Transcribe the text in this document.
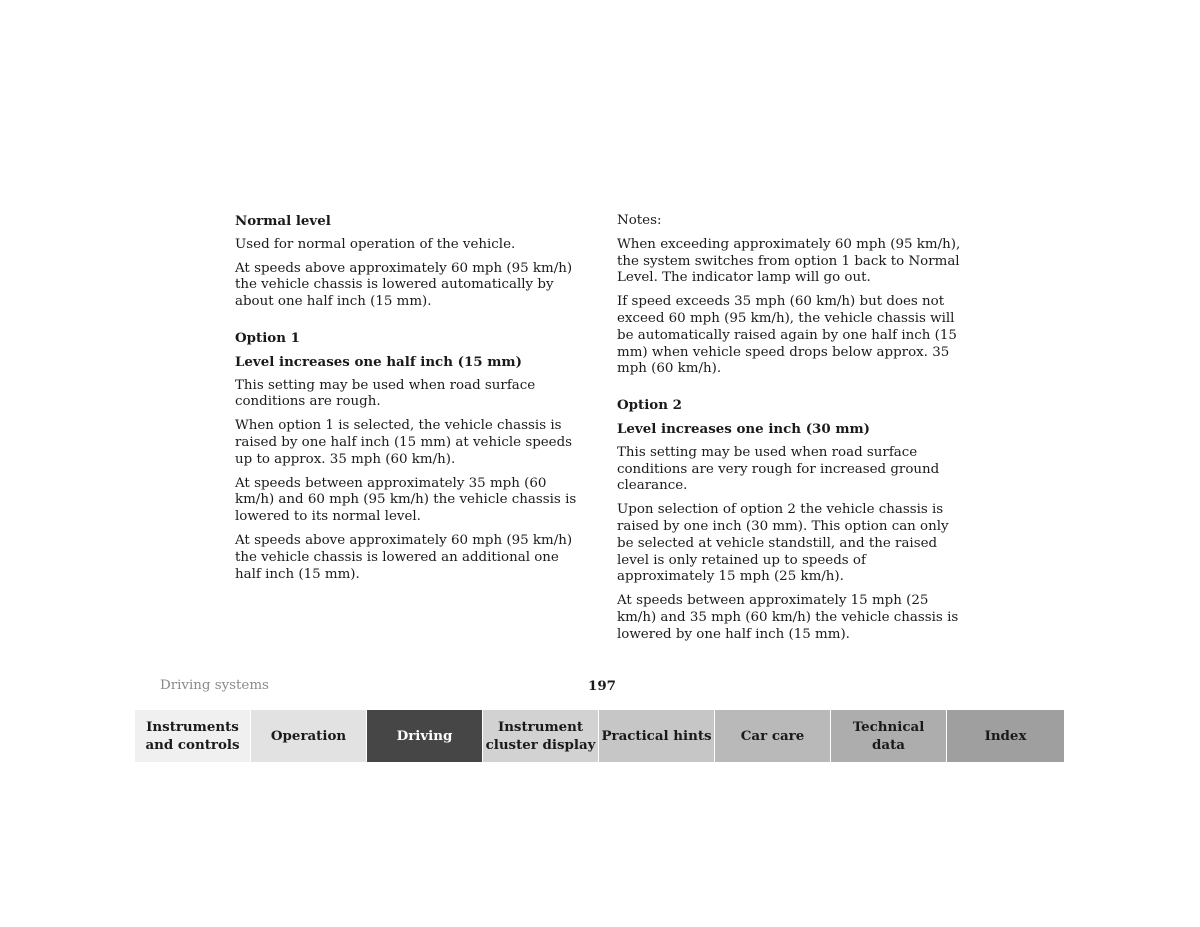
Normal level

Used for normal operation of the vehicle.

At speeds above approximately 60 mph (95 km/h) the vehicle chassis is lowered automatically by about one half inch (15 mm).

Option 1

Level increases one half inch (15 mm)

This setting may be used when road surface conditions are rough.

When option 1 is selected, the vehicle chassis is raised by one half inch (15 mm) at vehicle speeds up to approx. 35 mph (60 km/h).

At speeds between approximately 35 mph (60 km/h) and 60 mph (95 km/h) the vehicle chassis is lowered to its normal level.

At speeds above approximately 60 mph (95 km/h) the vehicle chassis is lowered an additional one half inch (15 mm).

Notes:

When exceeding approximately 60 mph (95 km/h), the system switches from option 1 back to Normal Level. The indicator lamp will go out.

If speed exceeds 35 mph (60 km/h) but does not exceed 60 mph (95 km/h), the vehicle chassis will be automatically raised again by one half inch (15 mm) when vehicle speed drops below approx. 35 mph (60 km/h).

Option 2

Level increases one inch (30 mm)

This setting may be used when road surface conditions are very rough for increased ground clearance.

Upon selection of option 2 the vehicle chassis is raised by one inch (30 mm). This option can only be selected at vehicle standstill, and the raised level is only retained up to speeds of approximately 15 mph (25 km/h).

At speeds between approximately 15 mph (25 km/h) and 35 mph (60 km/h) the vehicle chassis is lowered by one half inch (15 mm).

Driving systems	197
Instruments
and controls
Operation	Driving
Instrument
cluster display
Practical hints	Car care
Technical
data
Index
